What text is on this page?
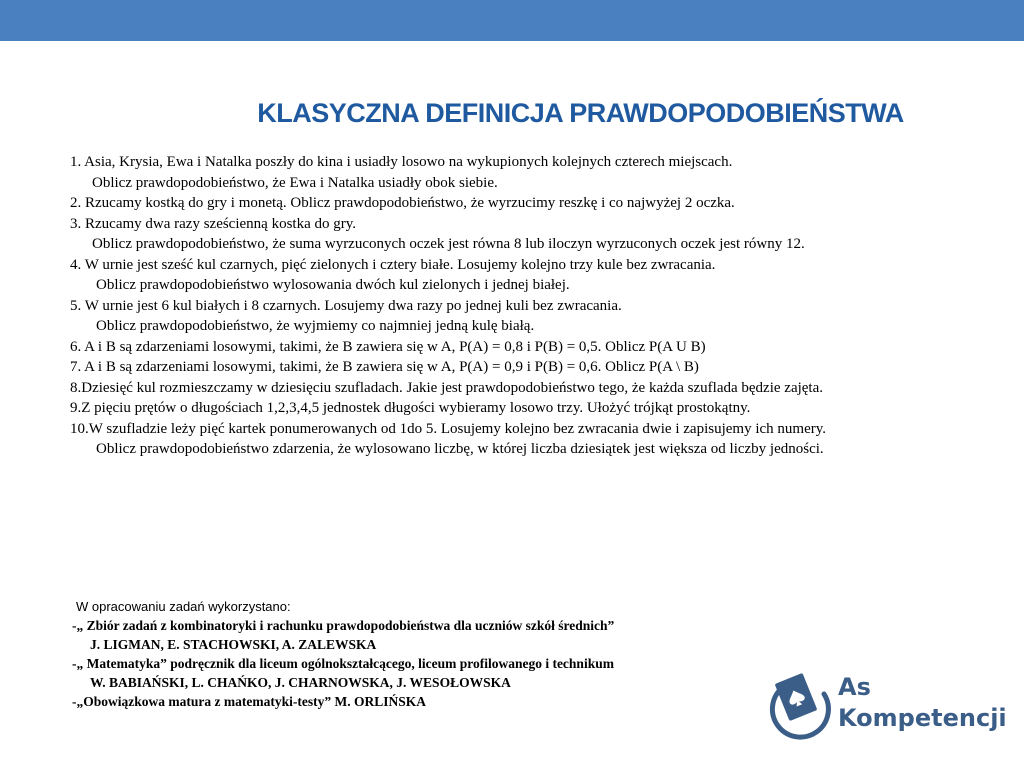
KLASYCZNA DEFINICJA PRAWDOPODOBIEŃSTWA

1. Asia, Krysia, Ewa i Natalka poszły do kina i usiadły losowo na wykupionych kolejnych czterech miejscach.

Oblicz prawdopodobieństwo, że Ewa i Natalka usiadły obok siebie.

2. Rzucamy kostką do gry i monetą. Oblicz prawdopodobieństwo, że wyrzucimy reszkę i co najwyżej 2 oczka.

3. Rzucamy dwa razy sześcienną kostka do gry.

Oblicz prawdopodobieństwo, że suma wyrzuconych oczek jest równa 8 lub iloczyn wyrzuconych oczek jest równy 12.

4. W urnie jest sześć kul czarnych, pięć zielonych i cztery białe. Losujemy kolejno trzy kule bez zwracania.

Oblicz prawdopodobieństwo wylosowania dwóch kul zielonych i jednej białej.

5. W urnie jest 6 kul białych i 8 czarnych. Losujemy dwa razy po jednej kuli bez zwracania.

Oblicz prawdopodobieństwo, że wyjmiemy co najmniej jedną kulę białą.

6. A i B są zdarzeniami losowymi, takimi, że B zawiera się w A, P(A) = 0,8 i P(B) = 0,5. Oblicz P(A U B)

7. A i B są zdarzeniami losowymi, takimi, że B zawiera się w A, P(A) = 0,9 i P(B) = 0,6. Oblicz P(A \ B)

8.Dziesięć kul rozmieszczamy w dziesięciu szufladach. Jakie jest prawdopodobieństwo tego, że każda szuflada będzie zajęta.

9.Z pięciu prętów o długościach 1,2,3,4,5 jednostek długości wybieramy losowo trzy. Ułożyć trójkąt prostokątny.

10.W szufladzie leży pięć kartek ponumerowanych od 1do 5. Losujemy kolejno bez zwracania dwie i zapisujemy ich numery.

Oblicz prawdopodobieństwo zdarzenia, że wylosowano liczbę, w której liczba dziesiątek jest większa od liczby jedności.

W opracowaniu zadań wykorzystano:

-„ Zbiór zadań z kombinatoryki i rachunku prawdopodobieństwa dla uczniów szkół średnich”

J. LIGMAN, E. STACHOWSKI, A. ZALEWSKA

-„ Matematyka” podręcznik dla liceum ogólnokształcącego, liceum profilowanego i technikum

W. BABIAŃSKI, L. CHAŃKO, J. CHARNOWSKA, J. WESOŁOWSKA

-„Obowiązkowa matura z matematyki-testy” M. ORLIŃSKA

As
Kompetencji
